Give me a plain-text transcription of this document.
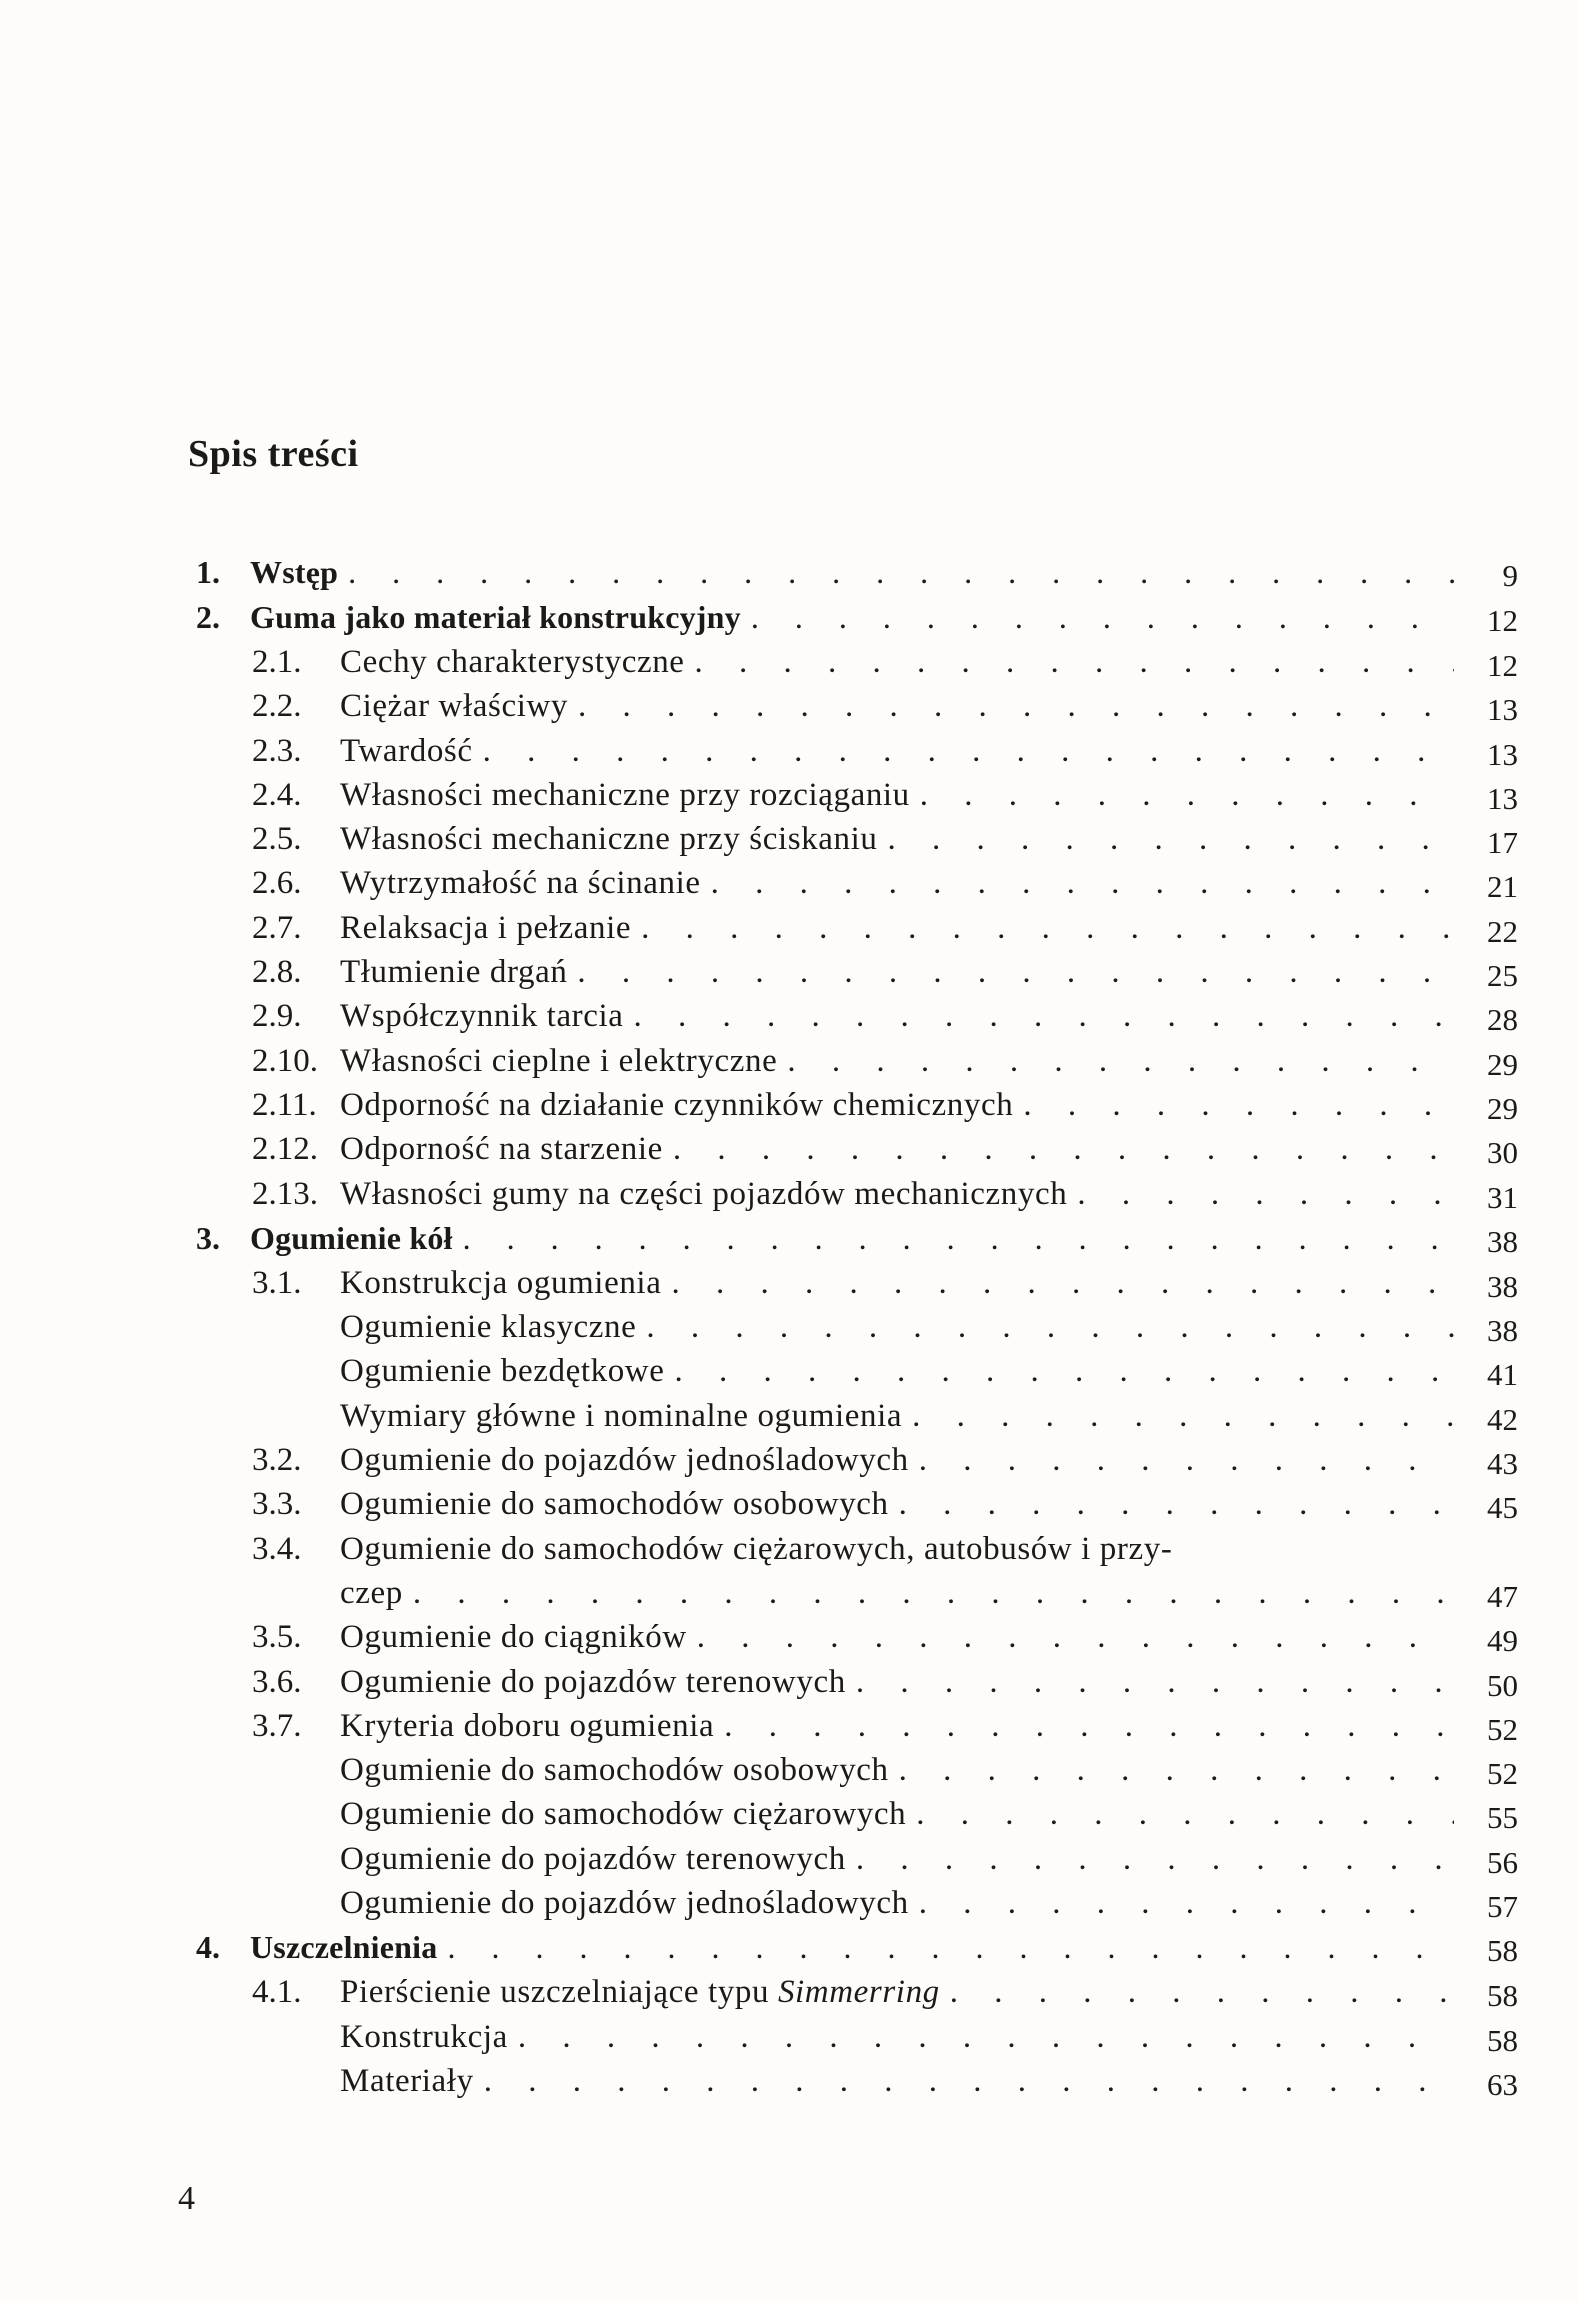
Spis treści
1. Wstęp . . .	9
2. Guma jako materiał konstrukcyjny . . .	12
2.1. Cechy charakterystyczne . . .	12
2.2. Ciężar właściwy . . .	13
2.3. Twardość . . .	13
2.4. Własności mechaniczne przy rozciąganiu . . .	13
2.5. Własności mechaniczne przy ściskaniu . . .	17
2.6. Wytrzymałość na ścinanie . . .	21
2.7. Relaksacja i pełzanie . . .	22
2.8. Tłumienie drgań . . .	25
2.9. Współczynnik tarcia . . .	28
2.10. Własności cieplne i elektryczne . . .	29
2.11. Odporność na działanie czynników chemicznych . . .	29
2.12. Odporność na starzenie . . .	30
2.13. Własności gumy na części pojazdów mechanicznych . . .	31
3. Ogumienie kół . . .	38
3.1. Konstrukcja ogumienia . . .	38
Ogumienie klasyczne . . .	38
Ogumienie bezdętkowe . . .	41
Wymiary główne i nominalne ogumienia . . .	42
3.2. Ogumienie do pojazdów jednośladowych . . .	43
3.3. Ogumienie do samochodów osobowych . . .	45
3.4. Ogumienie do samochodów ciężarowych, autobusów i przy-
czep . . .	47
3.5. Ogumienie do ciągników . . .	49
3.6. Ogumienie do pojazdów terenowych . . .	50
3.7. Kryteria doboru ogumienia . . .	52
Ogumienie do samochodów osobowych . . .	52
Ogumienie do samochodów ciężarowych . . .	55
Ogumienie do pojazdów terenowych . . .	56
Ogumienie do pojazdów jednośladowych . . .	57
4. Uszczelnienia . . .	58
4.1. Pierścienie uszczelniające typu Simmerring . . .	58
Konstrukcja . . .	58
Materiały . . .	63
4
